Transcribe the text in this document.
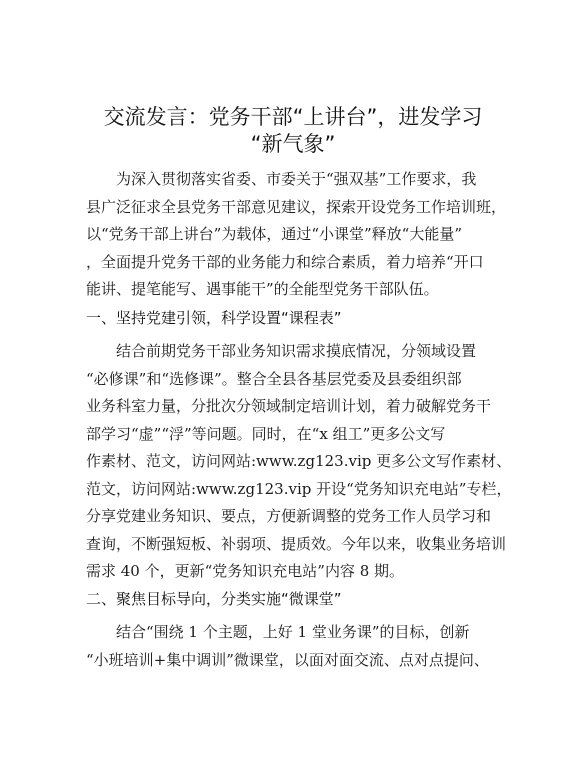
交流发言：党务干部“上讲台”，进发学习
“新气象”
为深入贯彻落实省委、市委关于“强双基”工作要求，我
县广泛征求全县党务干部意见建议，探索开设党务工作培训班，
以“党务干部上讲台”为载体，通过“小课堂”释放“大能量”
，全面提升党务干部的业务能力和综合素质，着力培养“开口
能讲、提笔能写、遇事能干”的全能型党务干部队伍。
一、坚持党建引领，科学设置“课程表”
结合前期党务干部业务知识需求摸底情况，分领域设置
“必修课”和“选修课”。整合全县各基层党委及县委组织部
业务科室力量，分批次分领域制定培训计划，着力破解党务干
部学习“虚”“浮”等问题。同时，在“x 组工”更多公文写
作素材、范文，访问网站:www.zg123.vip 更多公文写作素材、
范文，访问网站:www.zg123.vip 开设“党务知识充电站”专栏，
分享党建业务知识、要点，方便新调整的党务工作人员学习和
查询，不断强短板、补弱项、提质效。今年以来，收集业务培训
需求 40 个，更新“党务知识充电站”内容 8 期。
二、聚焦目标导向，分类实施“微课堂”
结合“围绕 1 个主题，上好 1 堂业务课”的目标，创新
“小班培训+集中调训”微课堂，以面对面交流、点对点提问、
